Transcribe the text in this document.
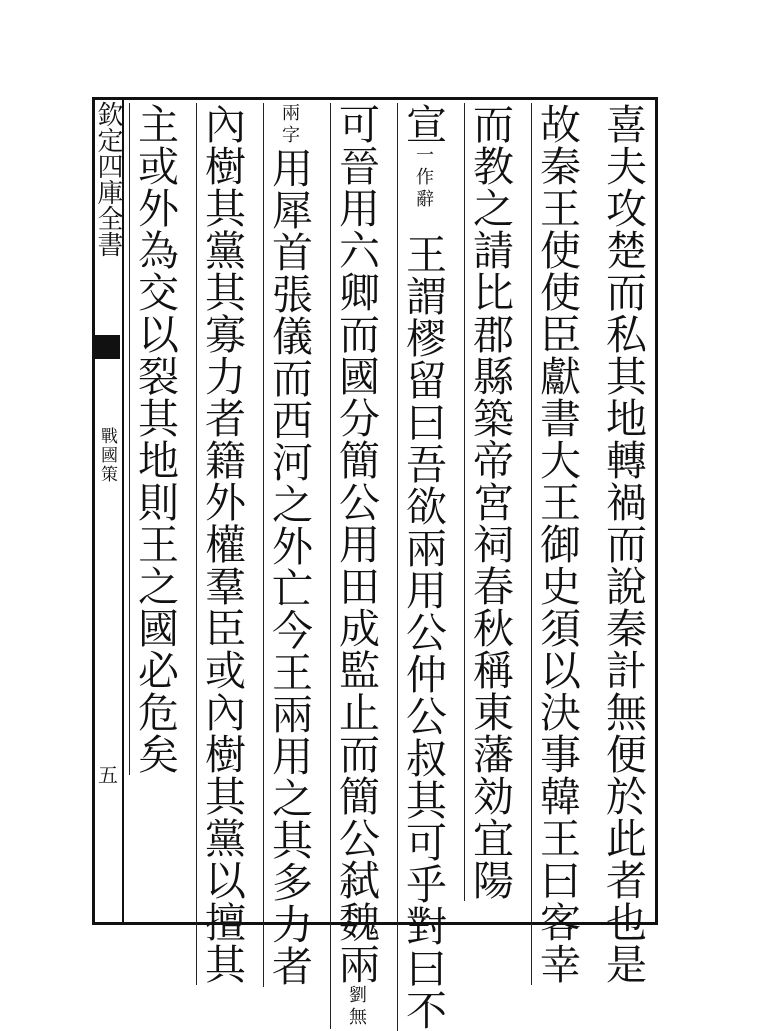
欽定四庫全書
戰國策
五	喜夫攻楚而私其地轉禍而說秦計無便於此者也是
故秦王使使臣獻書大王御史須以決事韓王曰客幸
而教之請比郡縣築帝宮祠春秋稱東藩効宜陽
宣一作辭王謂樛留曰吾欲兩用公仲公叔其可乎對曰不
可晉用六卿而國分簡公用田成監止而簡公弑魏兩劉無
兩字用犀首張儀而西河之外亡今王兩用之其多力者
內樹其黨其寡力者籍外權羣臣或內樹其黨以擅其
主或外為交以裂其地則王之國必危矣
